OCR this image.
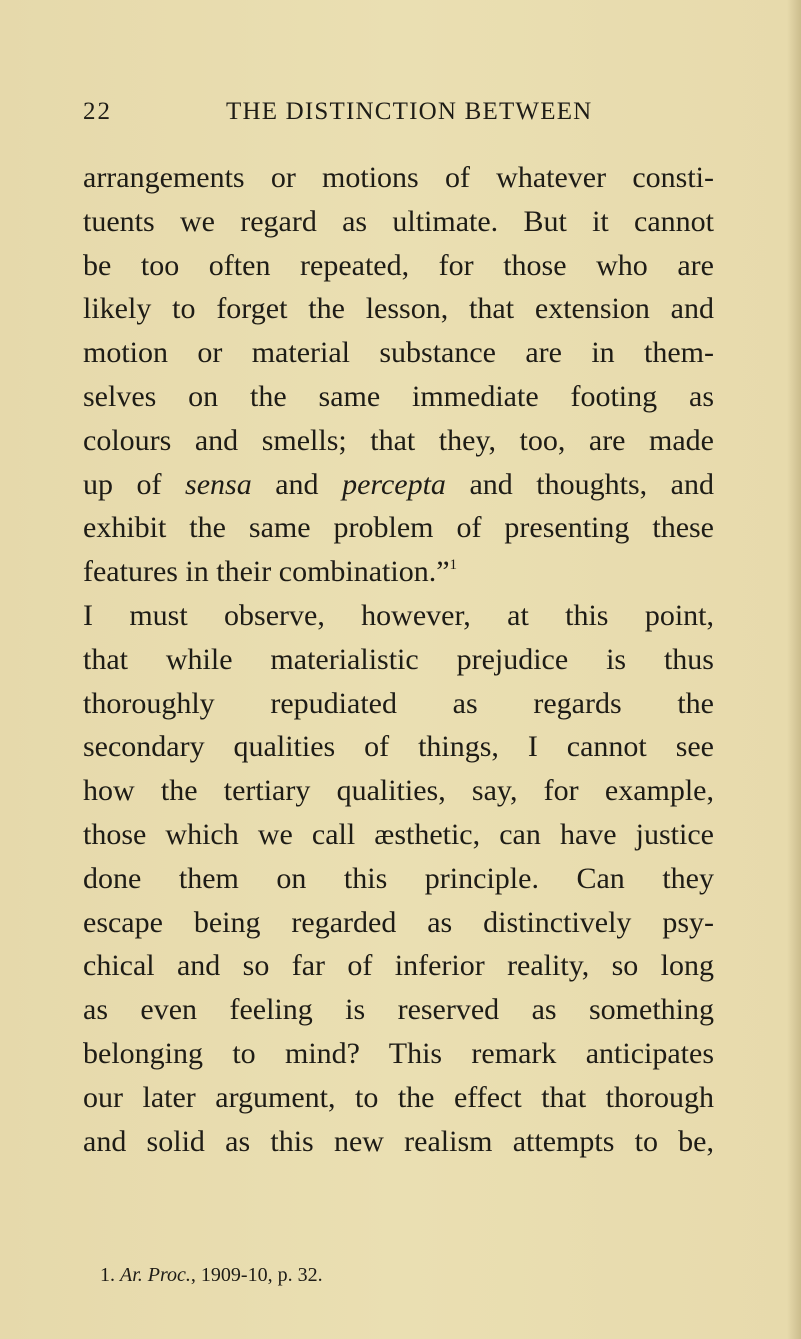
22	THE DISTINCTION BETWEEN
arrangements or motions of whatever consti-
tuents we regard as ultimate. But it cannot
be too often repeated, for those who are
likely to forget the lesson, that extension and
motion or material substance are in them-
selves on the same immediate footing as
colours and smells; that they, too, are made
up of sensa and percepta and thoughts, and
exhibit the same problem of presenting these
features in their combination.”$^1$
I must observe, however, at this point,
that while materialistic prejudice is thus
thoroughly repudiated as regards the
secondary qualities of things, I cannot see
how the tertiary qualities, say, for example,
those which we call æsthetic, can have justice
done them on this principle. Can they
escape being regarded as distinctively psy-
chical and so far of inferior reality, so long
as even feeling is reserved as something
belonging to mind? This remark anticipates
our later argument, to the effect that thorough
and solid as this new realism attempts to be,
1. Ar. Proc., 1909-10, p. 32.
